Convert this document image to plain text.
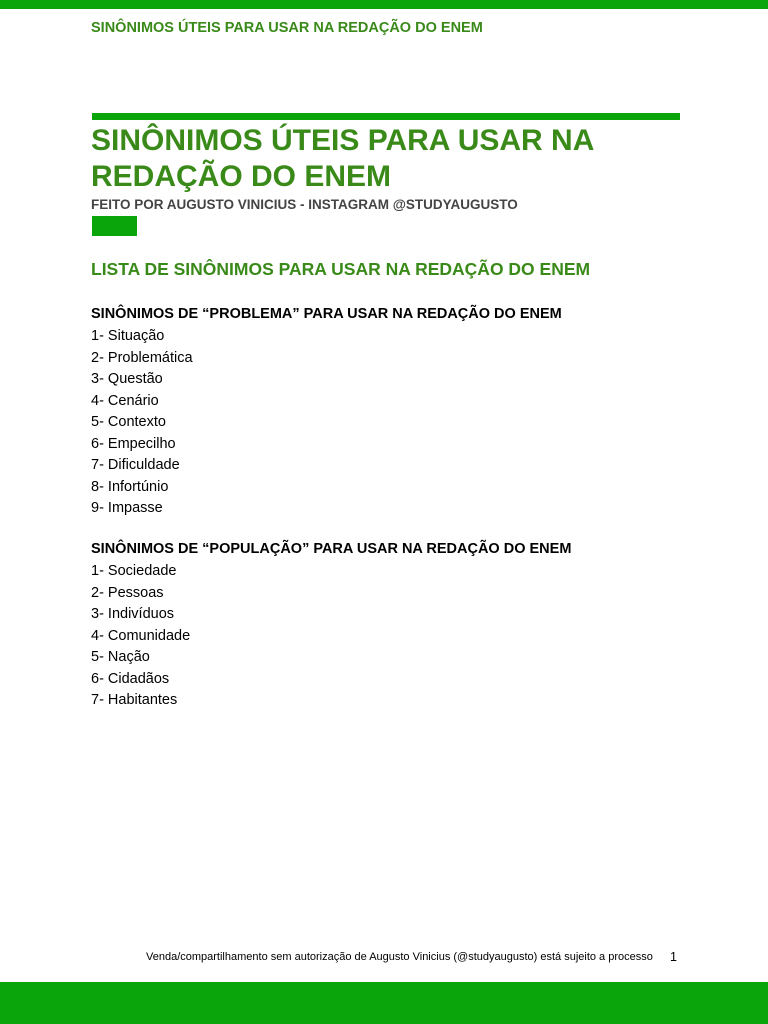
SINÔNIMOS ÚTEIS PARA USAR NA REDAÇÃO DO ENEM
SINÔNIMOS ÚTEIS PARA USAR NA REDAÇÃO DO ENEM
FEITO POR AUGUSTO VINICIUS - INSTAGRAM @STUDYAUGUSTO
LISTA DE SINÔNIMOS PARA USAR NA REDAÇÃO DO ENEM
SINÔNIMOS DE “PROBLEMA” PARA USAR NA REDAÇÃO DO ENEM
1- Situação
2- Problemática
3- Questão
4- Cenário
5- Contexto
6- Empecilho
7- Dificuldade
8- Infortúnio
9- Impasse
SINÔNIMOS DE “POPULAÇÃO” PARA USAR NA REDAÇÃO DO ENEM
1- Sociedade
2- Pessoas
3- Indivíduos
4- Comunidade
5- Nação
6- Cidadãos
7- Habitantes
Venda/compartilhamento sem autorização de Augusto Vinicius (@studyaugusto) está sujeito a processo 1
